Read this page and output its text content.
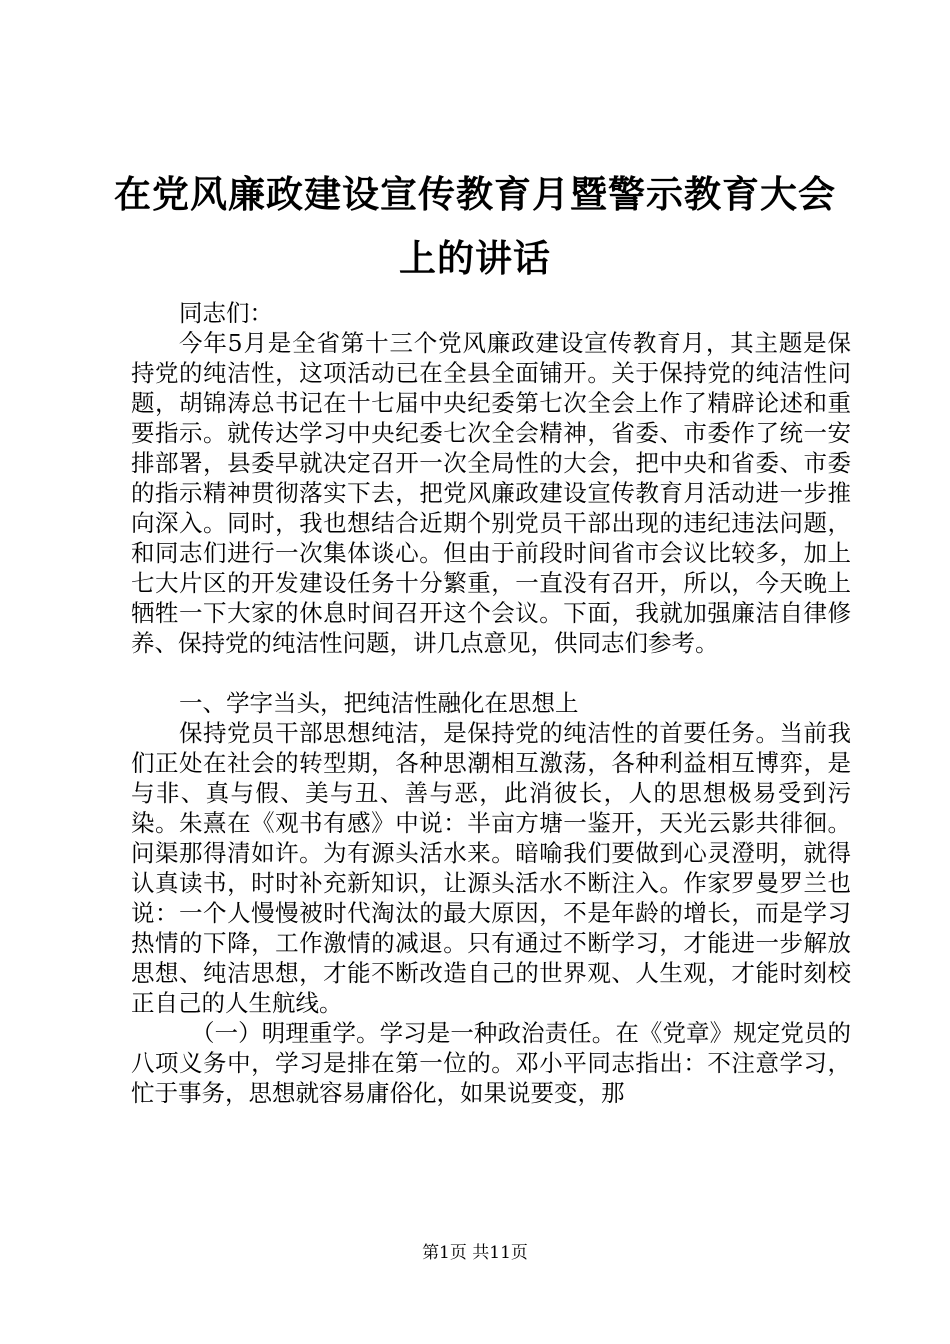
在党风廉政建设宣传教育月暨警示教育大会上的讲话

同志们：

今年5月是全省第十三个党风廉政建设宣传教育月，其主题是保持党的纯洁性，这项活动已在全县全面铺开。关于保持党的纯洁性问题，胡锦涛总书记在十七届中央纪委第七次全会上作了精辟论述和重要指示。就传达学习中央纪委七次全会精神，省委、市委作了统一安排部署，县委早就决定召开一次全局性的大会，把中央和省委、市委的指示精神贯彻落实下去，把党风廉政建设宣传教育月活动进一步推向深入。同时，我也想结合近期个别党员干部出现的违纪违法问题，和同志们进行一次集体谈心。但由于前段时间省市会议比较多，加上七大片区的开发建设任务十分繁重，一直没有召开，所以，今天晚上牺牲一下大家的休息时间召开这个会议。下面，我就加强廉洁自律修养、保持党的纯洁性问题，讲几点意见，供同志们参考。

一、学字当头，把纯洁性融化在思想上

保持党员干部思想纯洁，是保持党的纯洁性的首要任务。当前我们正处在社会的转型期，各种思潮相互激荡，各种利益相互博弈，是与非、真与假、美与丑、善与恶，此消彼长，人的思想极易受到污染。朱熹在《观书有感》中说：半亩方塘一鉴开，天光云影共徘徊。问渠那得清如许。为有源头活水来。暗喻我们要做到心灵澄明，就得认真读书，时时补充新知识，让源头活水不断注入。作家罗曼罗兰也说：一个人慢慢被时代淘汰的最大原因，不是年龄的增长，而是学习热情的下降，工作激情的减退。只有通过不断学习，才能进一步解放思想、纯洁思想，才能不断改造自己的世界观、人生观，才能时刻校正自己的人生航线。

（一）明理重学。学习是一种政治责任。在《党章》规定党员的八项义务中，学习是排在第一位的。邓小平同志指出：不注意学习，忙于事务，思想就容易庸俗化，如果说要变，那

第1页 共11页
